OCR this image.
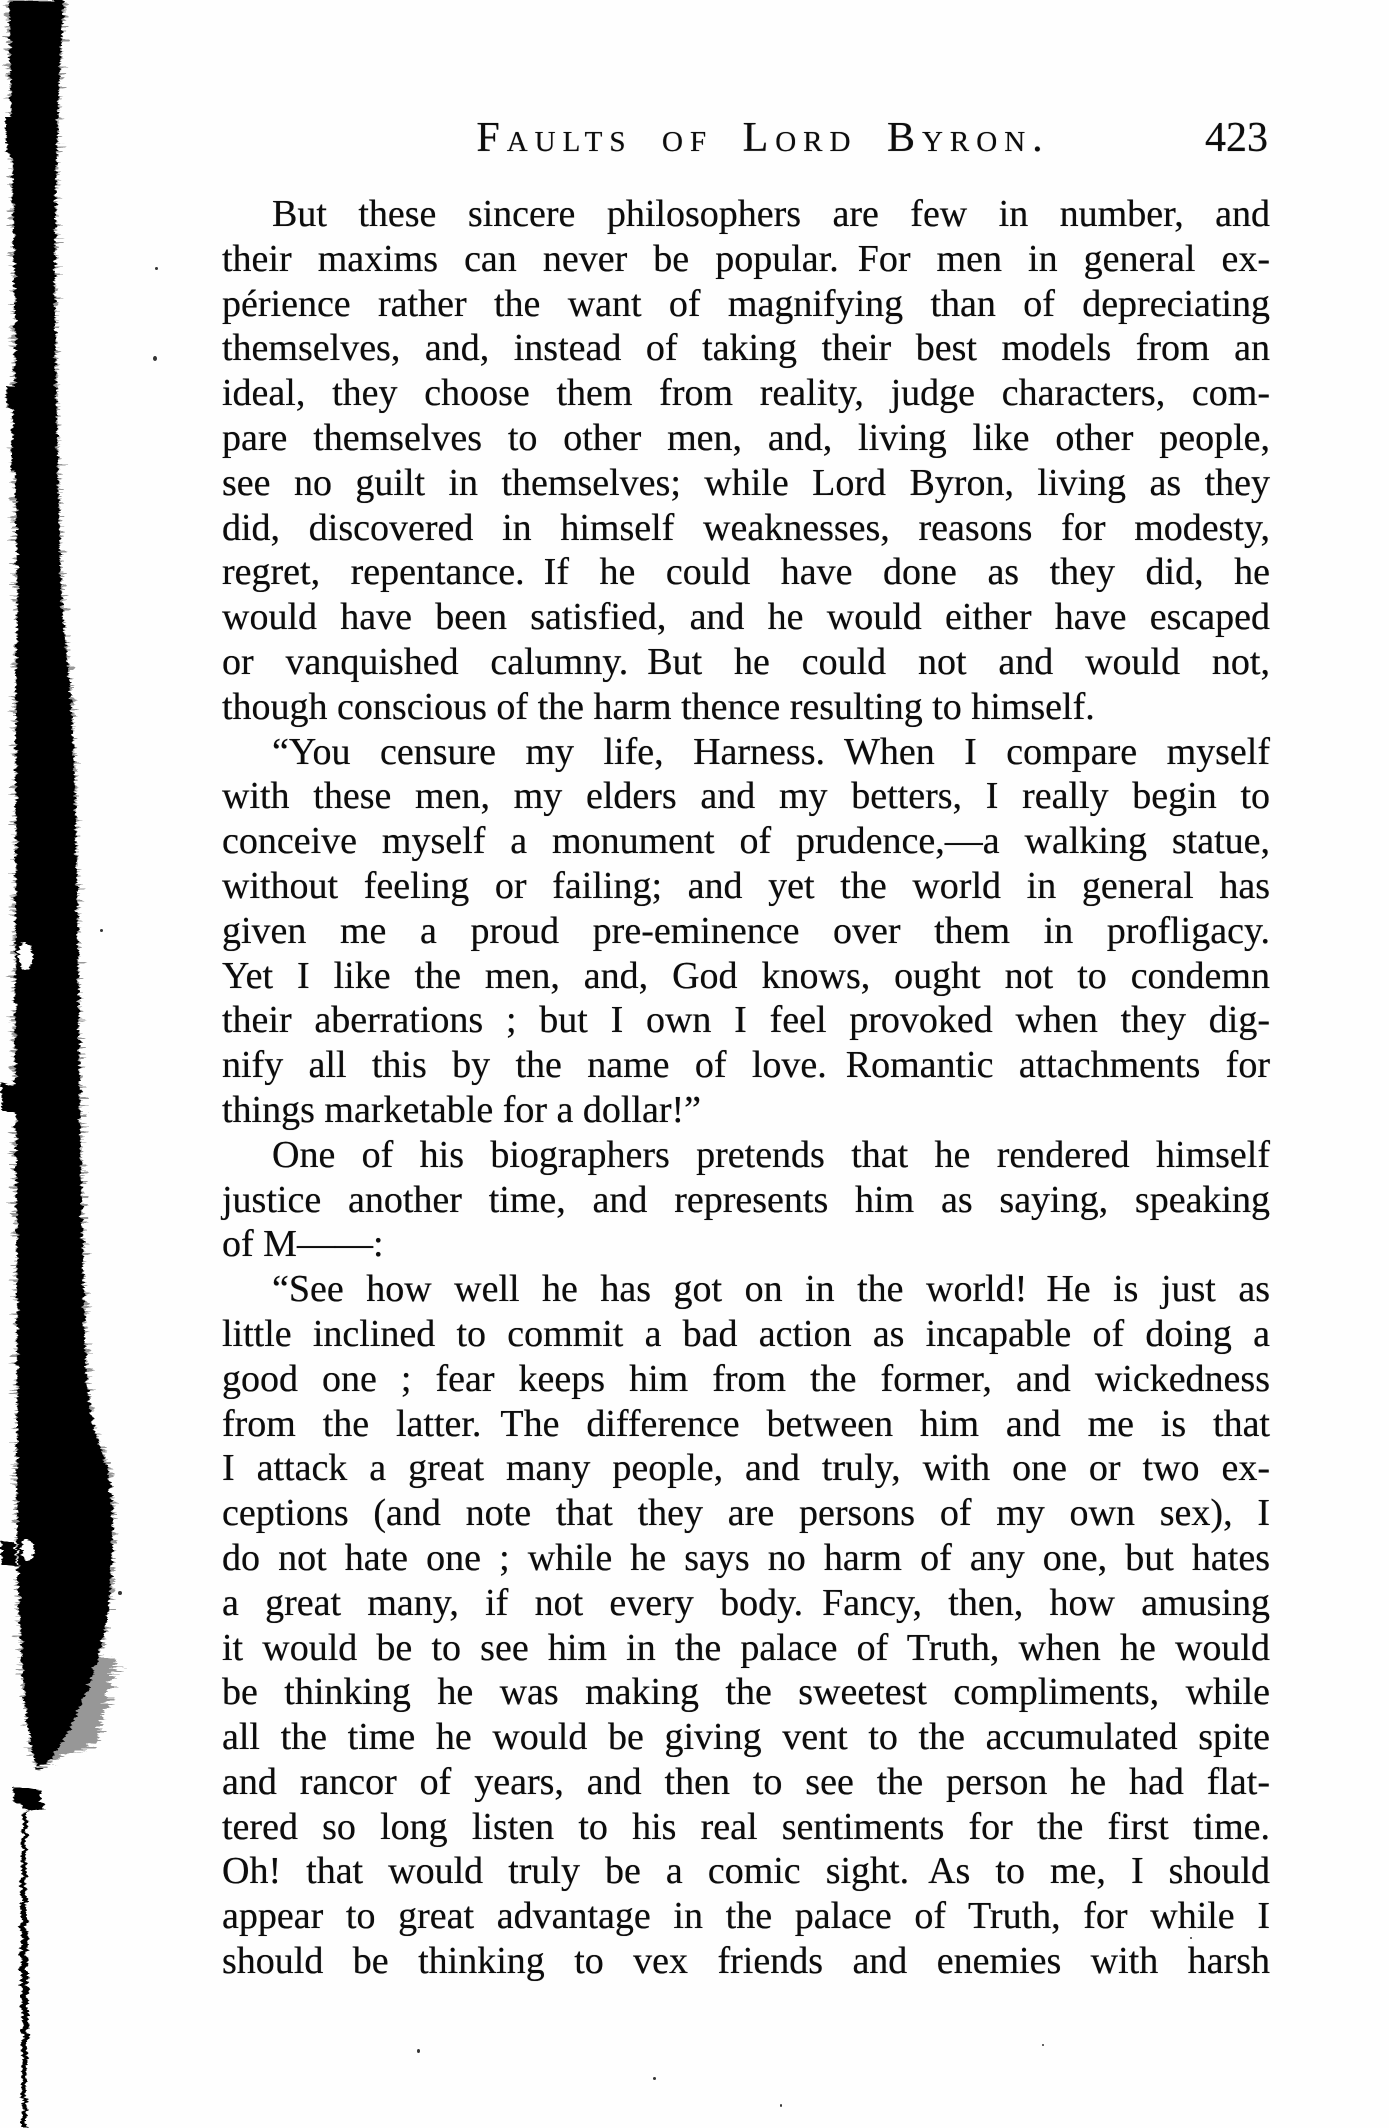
Faults of Lord Byron.	423
But these sincere philosophers are few in number, and
their maxims can never be popular. For men in general ex-
périence rather the want of magnifying than of depreciating
themselves, and, instead of taking their best models from an
ideal, they choose them from reality, judge characters, com-
pare themselves to other men, and, living like other people,
see no guilt in themselves; while Lord Byron, living as they
did, discovered in himself weaknesses, reasons for modesty,
regret, repentance. If he could have done as they did, he
would have been satisfied, and he would either have escaped
or vanquished calumny. But he could not and would not,
though conscious of the harm thence resulting to himself.
“You censure my life, Harness. When I compare myself
with these men, my elders and my betters, I really begin to
conceive myself a monument of prudence,—a walking statue,
without feeling or failing; and yet the world in general has
given me a proud pre-eminence over them in profligacy.
Yet I like the men, and, God knows, ought not to condemn
their aberrations ; but I own I feel provoked when they dig-
nify all this by the name of love. Romantic attachments for
things marketable for a dollar!”
One of his biographers pretends that he rendered himself
justice another time, and represents him as saying, speaking
of M——:
“See how well he has got on in the world! He is just as
little inclined to commit a bad action as incapable of doing a
good one ; fear keeps him from the former, and wickedness
from the latter. The difference between him and me is that
I attack a great many people, and truly, with one or two ex-
ceptions (and note that they are persons of my own sex), I
do not hate one ; while he says no harm of any one, but hates
a great many, if not every body. Fancy, then, how amusing
it would be to see him in the palace of Truth, when he would
be thinking he was making the sweetest compliments, while
all the time he would be giving vent to the accumulated spite
and rancor of years, and then to see the person he had flat-
tered so long listen to his real sentiments for the first time.
Oh! that would truly be a comic sight. As to me, I should
appear to great advantage in the palace of Truth, for while I
should be thinking to vex friends and enemies with harsh
